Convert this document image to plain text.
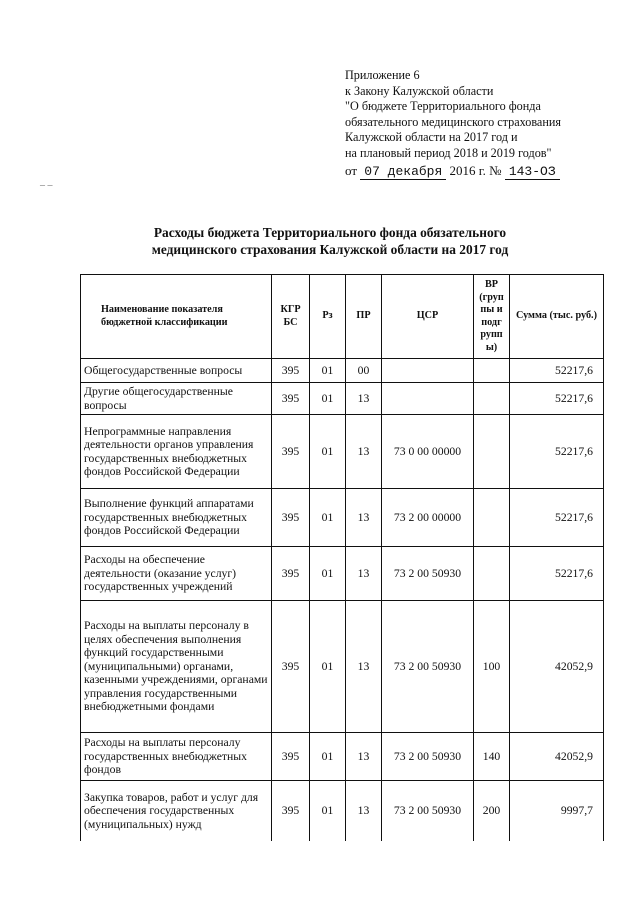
Приложение 6
к Закону Калужской области
"О бюджете Территориального фонда
обязательного медицинского страхования
Калужской области на 2017 год и
на плановый период 2018 и 2019 годов"
от 07 декабря 2016 г. № 143-ОЗ
– –
Расходы бюджета Территориального фонда обязательного
медицинского страхования Калужской области на 2017 год
Наименование показателя бюджетной классификации	КГР БС	Рз	ПР	ЦСР	ВР (груп пы и подг рупп ы)	Сумма (тыс. руб.)
Общегосударственные вопросы	395	01	00			52217,6
Другие общегосударственные вопросы	395	01	13			52217,6
Непрограммные направления деятельности органов управления государственных внебюджетных фондов Российской Федерации	395	01	13	73 0 00 00000		52217,6
Выполнение функций аппаратами государственных внебюджетных фондов Российской Федерации	395	01	13	73 2 00 00000		52217,6
Расходы на обеспечение деятельности (оказание услуг) государственных учреждений	395	01	13	73 2 00 50930		52217,6
Расходы на выплаты персоналу в целях обеспечения выполнения функций государственными (муниципальными) органами, казенными учреждениями, органами управления государственными внебюджетными фондами	395	01	13	73 2 00 50930	100	42052,9
Расходы на выплаты персоналу государственных внебюджетных фондов	395	01	13	73 2 00 50930	140	42052,9
Закупка товаров, работ и услуг для обеспечения государственных (муниципальных) нужд	395	01	13	73 2 00 50930	200	9997,7
